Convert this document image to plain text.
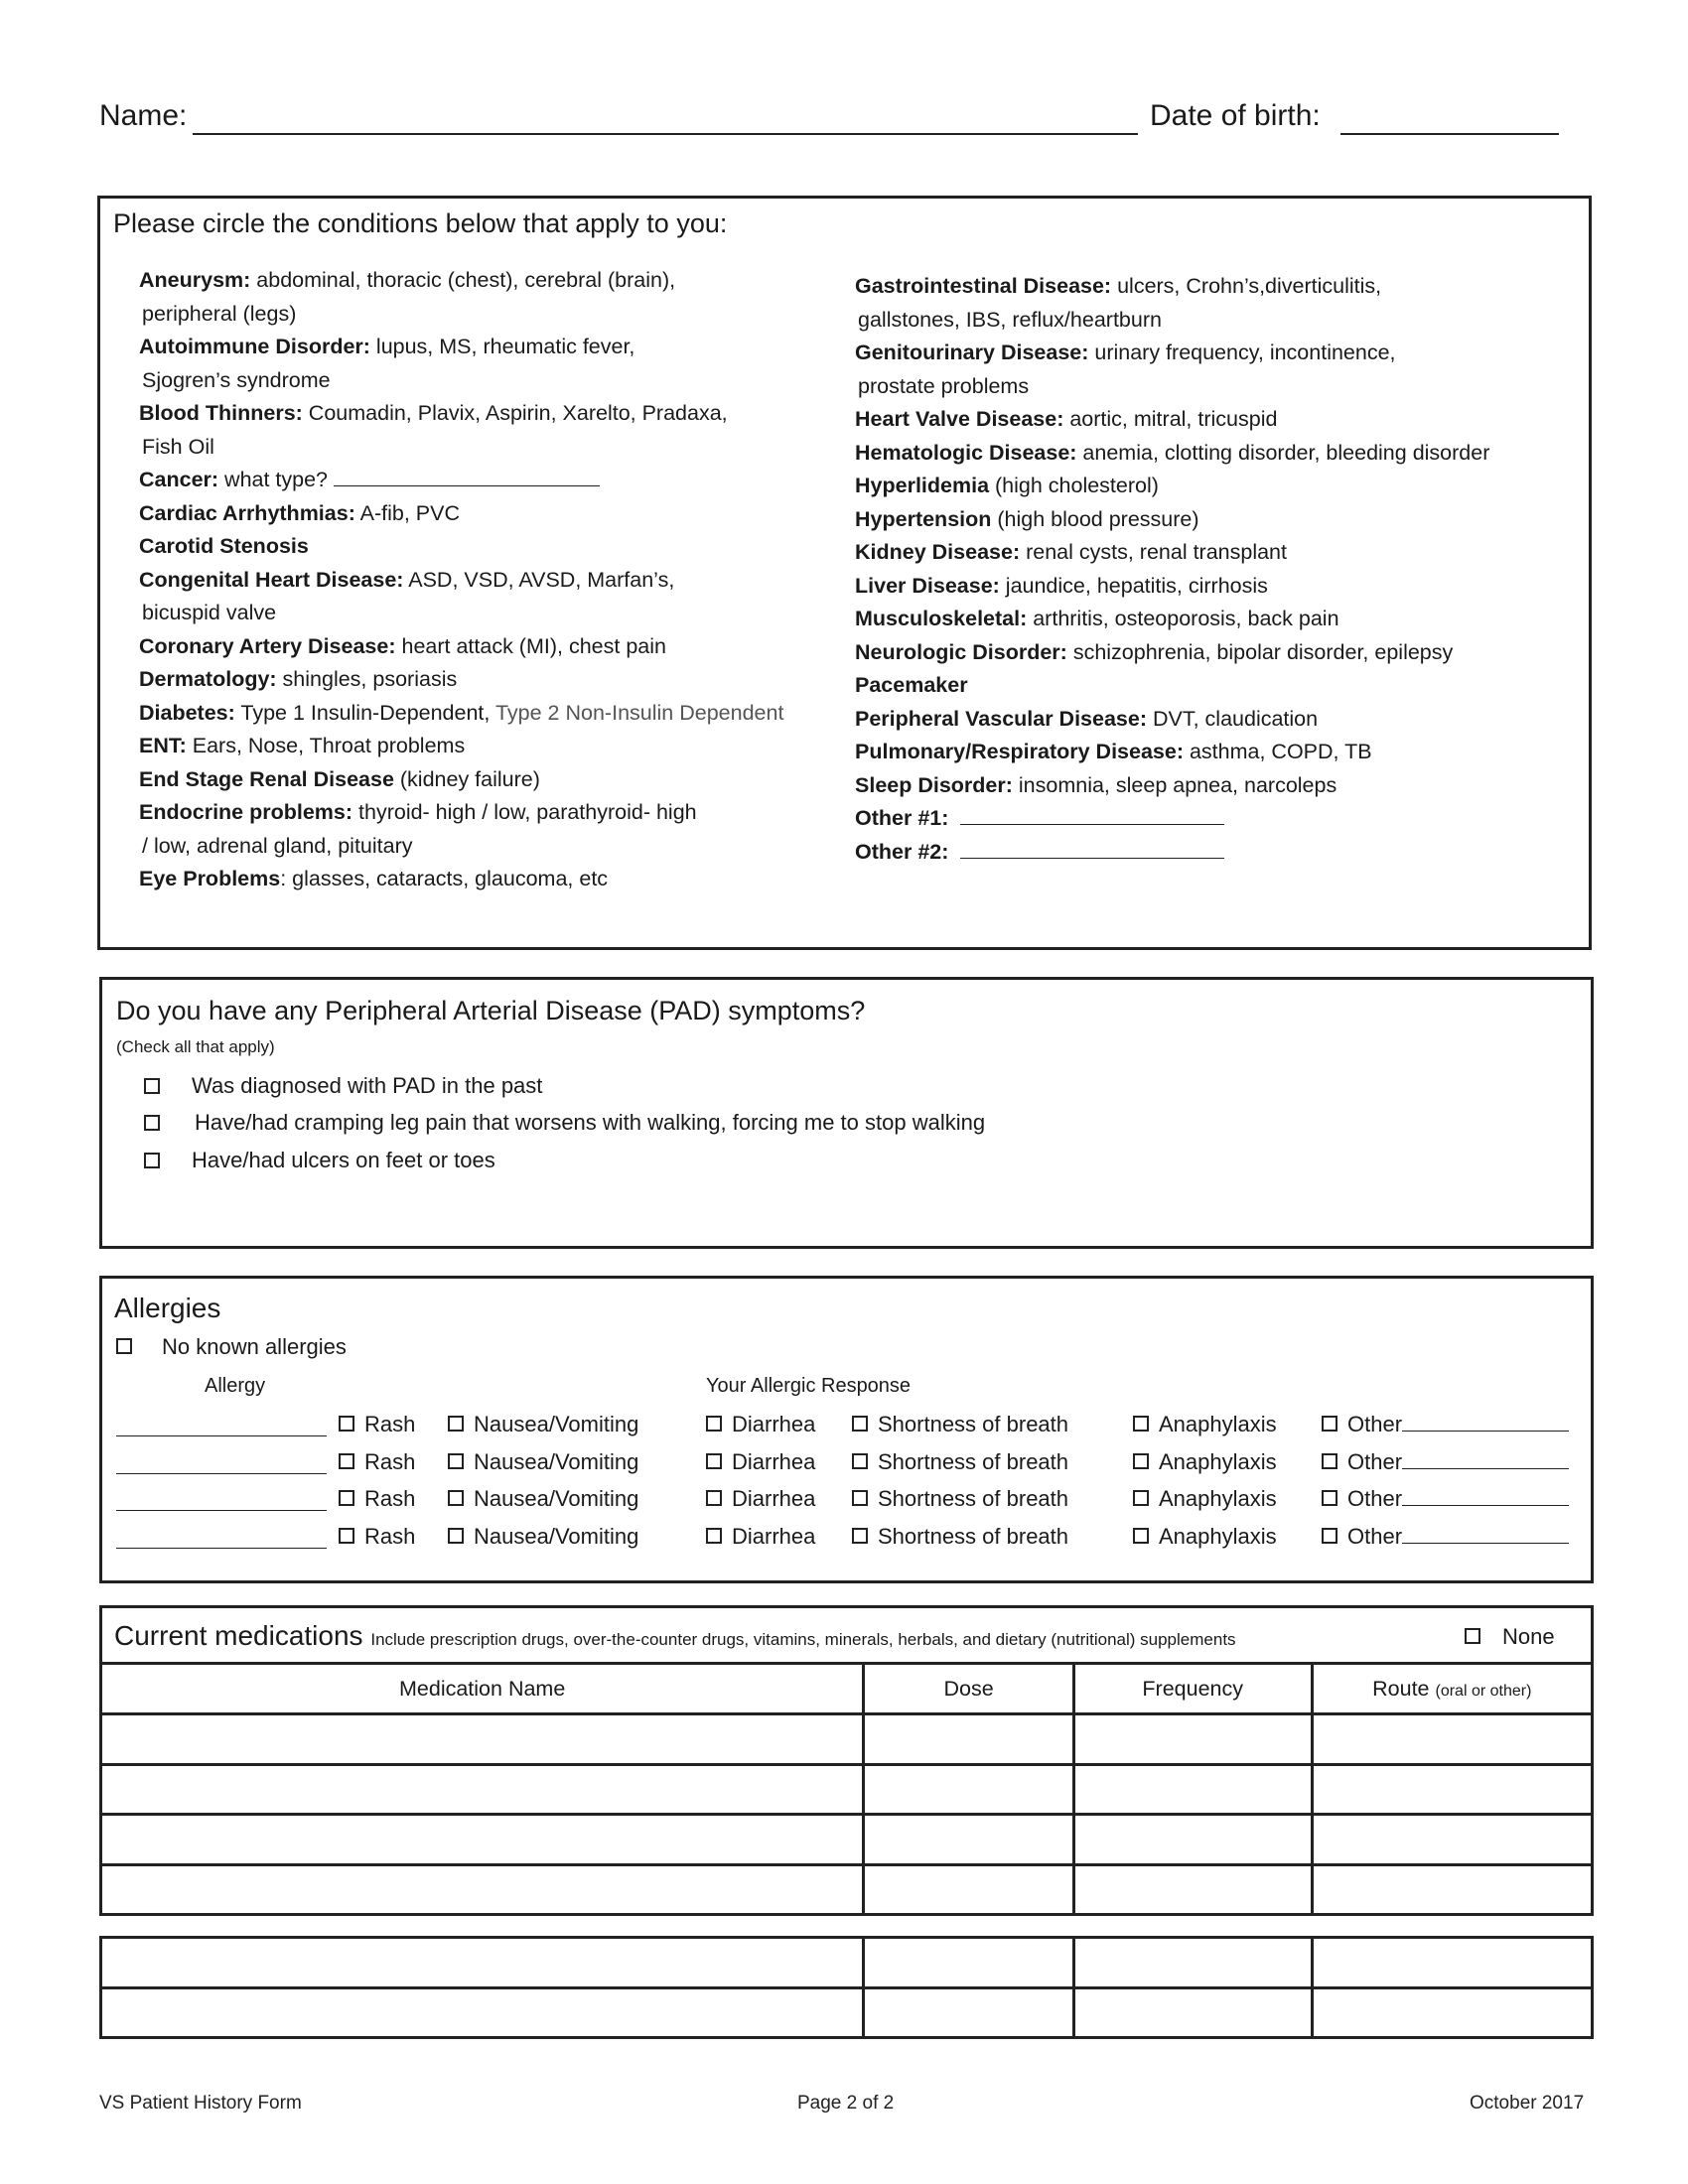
Name:	Date of birth:
Please circle the conditions below that apply to you:
Aneurysm: abdominal, thoracic (chest), cerebral (brain),
peripheral (legs)
Autoimmune Disorder: lupus, MS, rheumatic fever,
Sjogren’s syndrome
Blood Thinners: Coumadin, Plavix, Aspirin, Xarelto, Pradaxa,
Fish Oil
Cancer: what type?
Cardiac Arrhythmias: A-fib, PVC
Carotid Stenosis
Congenital Heart Disease: ASD, VSD, AVSD, Marfan’s,
bicuspid valve
Coronary Artery Disease: heart attack (MI), chest pain
Dermatology: shingles, psoriasis
Diabetes: Type 1 Insulin-Dependent, Type 2 Non-Insulin Dependent
ENT: Ears, Nose, Throat problems
End Stage Renal Disease (kidney failure)
Endocrine problems: thyroid- high / low, parathyroid- high
/ low, adrenal gland, pituitary
Eye Problems: glasses, cataracts, glaucoma, etc
Gastrointestinal Disease: ulcers, Crohn’s,diverticulitis,
gallstones, IBS, reflux/heartburn
Genitourinary Disease: urinary frequency, incontinence,
prostate problems
Heart Valve Disease: aortic, mitral, tricuspid
Hematologic Disease: anemia, clotting disorder, bleeding disorder
Hyperlidemia (high cholesterol)
Hypertension (high blood pressure)
Kidney Disease: renal cysts, renal transplant
Liver Disease: jaundice, hepatitis, cirrhosis
Musculoskeletal: arthritis, osteoporosis, back pain
Neurologic Disorder: schizophrenia, bipolar disorder, epilepsy
Pacemaker
Peripheral Vascular Disease: DVT, claudication
Pulmonary/Respiratory Disease: asthma, COPD, TB
Sleep Disorder: insomnia, sleep apnea, narcoleps
Other #1:
Other #2:
Do you have any Peripheral Arterial Disease (PAD) symptoms?
(Check all that apply)
Was diagnosed with PAD in the past
Have/had cramping leg pain that worsens with walking, forcing me to stop walking
Have/had ulcers on feet or toes
Allergies
No known allergies
Allergy	Your Allergic Response
Rash	Nausea/Vomiting	Diarrhea	Shortness of breath	Anaphylaxis	Other
Rash	Nausea/Vomiting	Diarrhea	Shortness of breath	Anaphylaxis	Other
Rash	Nausea/Vomiting	Diarrhea	Shortness of breath	Anaphylaxis	Other
Rash	Nausea/Vomiting	Diarrhea	Shortness of breath	Anaphylaxis	Other
Current medications Include prescription drugs, over-the-counter drugs, vitamins, minerals, herbals, and dietary (nutritional) supplements	None
Medication Name	Dose	Frequency	Route (oral or other)

VS Patient History Form	Page 2 of 2	October 2017
